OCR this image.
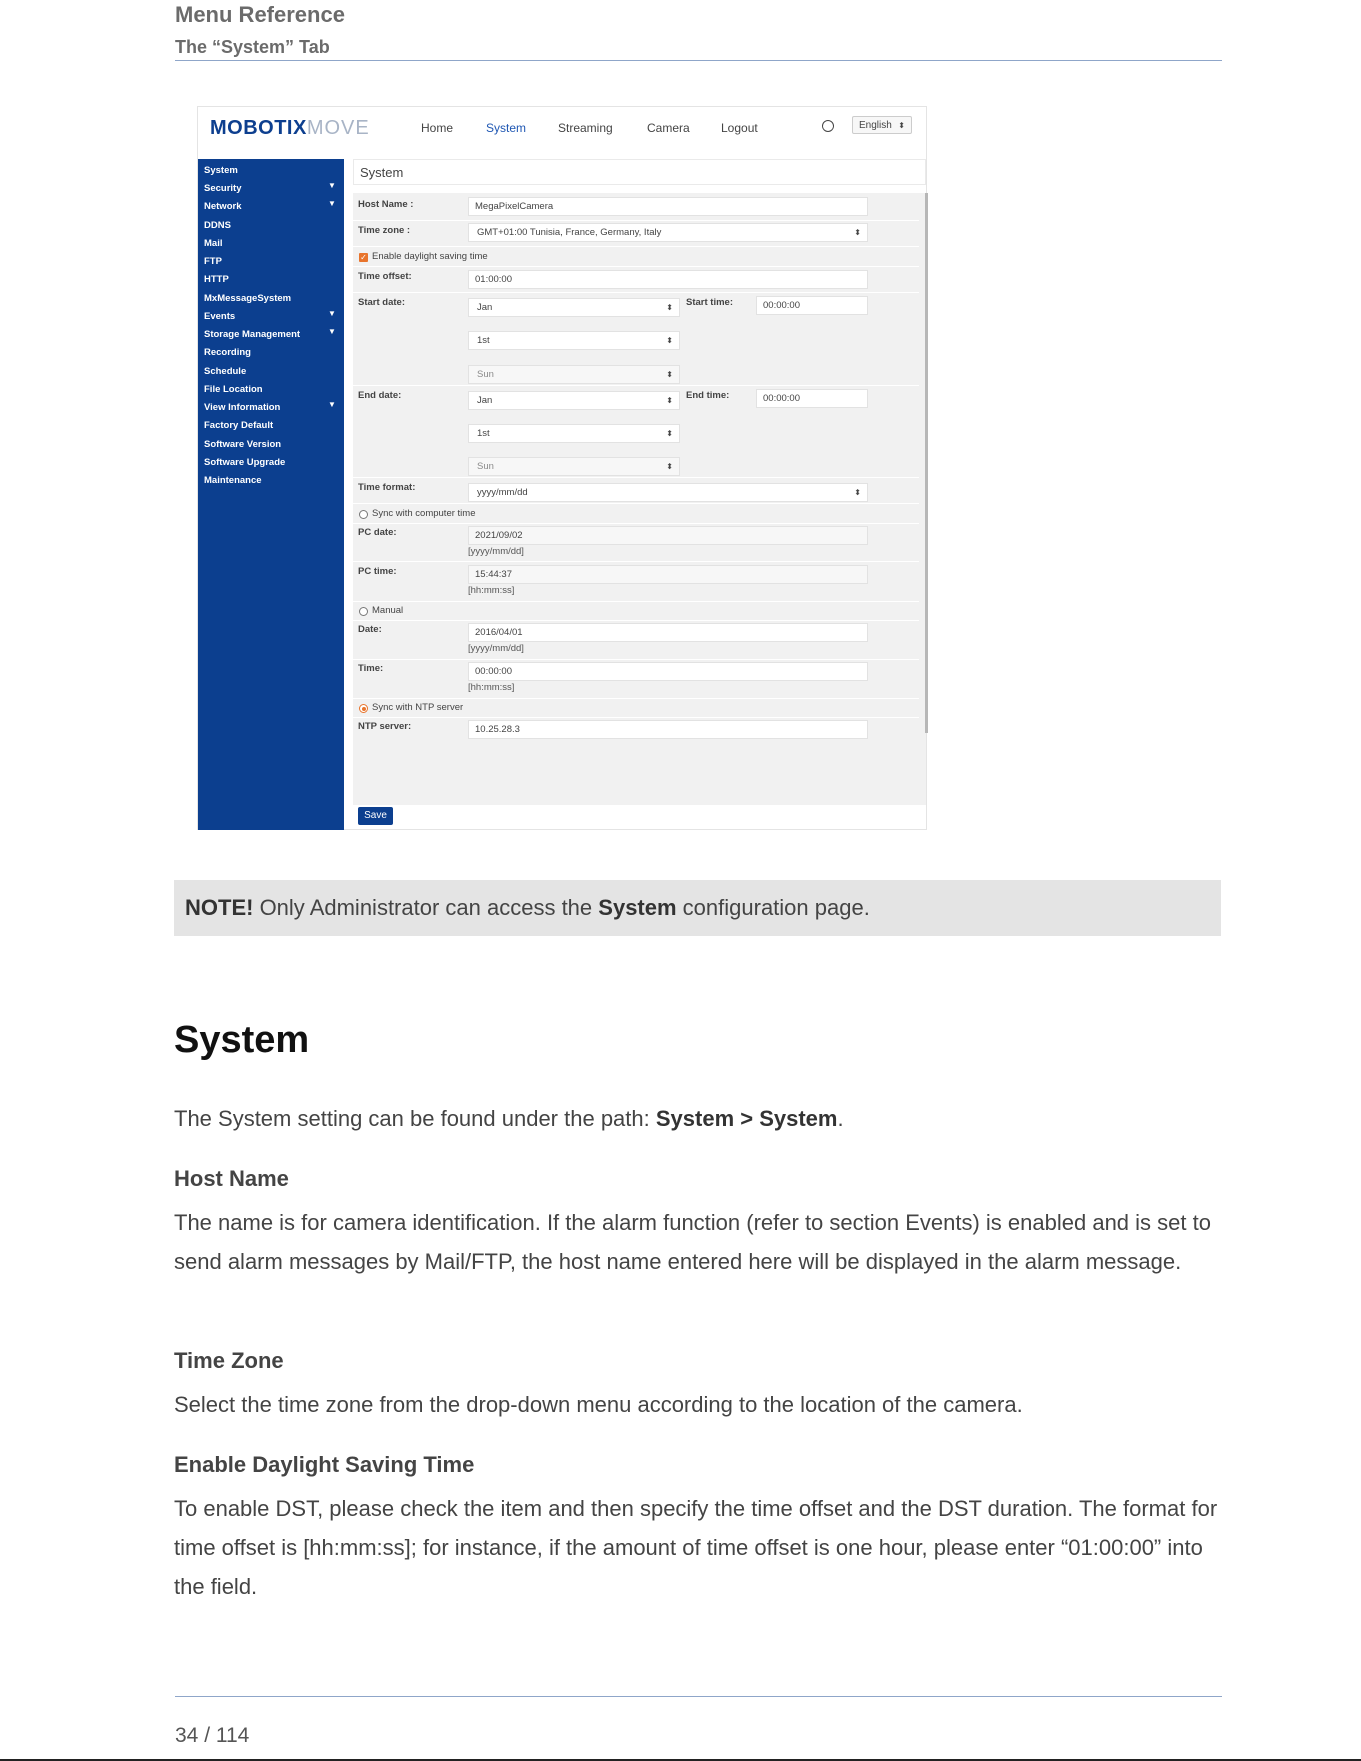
Menu Reference
The “System” Tab
MOBOTIXMOVE	Home	System	Streaming	Camera	Logout	English ⬍
System
Security	▼
Network	▼
DDNS
Mail
FTP
HTTP
MxMessageSystem
Events	▼
Storage Management	▼
Recording
Schedule
File Location
View Information	▼
Factory Default
Software Version
Software Upgrade
Maintenance
System
Host Name :	MegaPixelCamera
Time zone :	GMT+01:00 Tunisia, France, Germany, Italy	⬍
✓ Enable daylight saving time
Time offset:	01:00:00
Start date:	Jan	⬍ Start time:	00:00:00
1st	⬍
Sun	⬍
End date:	Jan	⬍ End time:	00:00:00
1st	⬍
Sun	⬍
Time format:	yyyy/mm/dd	⬍
Sync with computer time
PC date:	2021/09/02
[yyyy/mm/dd]
PC time:	15:44:37
[hh:mm:ss]
Manual
Date:	2016/04/01
[yyyy/mm/dd]
Time:	00:00:00
[hh:mm:ss]
Sync with NTP server
NTP server:	10.25.28.3
Save
NOTE! Only Administrator can access the System configuration page.
System
The System setting can be found under the path: System > System.
Host Name
The name is for camera identification. If the alarm function (refer to section Events) is enabled and is set to send alarm messages by Mail/FTP, the host name entered here will be displayed in the alarm message.
Time Zone
Select the time zone from the drop-down menu according to the location of the camera.
Enable Daylight Saving Time
To enable DST, please check the item and then specify the time offset and the DST duration. The format for time offset is [hh:mm:ss]; for instance, if the amount of time offset is one hour, please enter “01:00:00” into the field.
34 / 114
